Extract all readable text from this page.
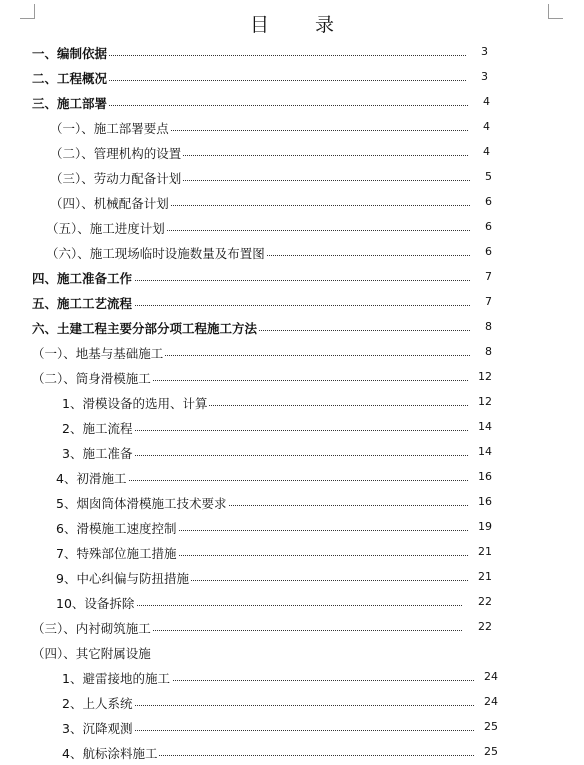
目 录
一、编制依据	3
二、工程概况	3
三、施工部署	4
（一）、施工部署要点	4
（二）、管理机构的设置	4
（三）、劳动力配备计划	5
（四）、机械配备计划	6
（五）、施工进度计划	6
（六）、施工现场临时设施数量及布置图	6
四、施工准备工作	7
五、施工工艺流程	7
六、土建工程主要分部分项工程施工方法	8
（一）、地基与基础施工	8
（二）、筒身滑模施工	12
1、滑模设备的选用、计算	12
2、施工流程	14
3、施工准备	14
4、初滑施工	16
5、烟囱筒体滑模施工技术要求	16
6、滑模施工速度控制	19
7、特殊部位施工措施	21
9、中心纠偏与防扭措施	21
10、设备拆除	22
（三）、内衬砌筑施工	22
（四）、其它附属设施
1、避雷接地的施工	24
2、上人系统	24
3、沉降观测	25
4、航标涂料施工	25
